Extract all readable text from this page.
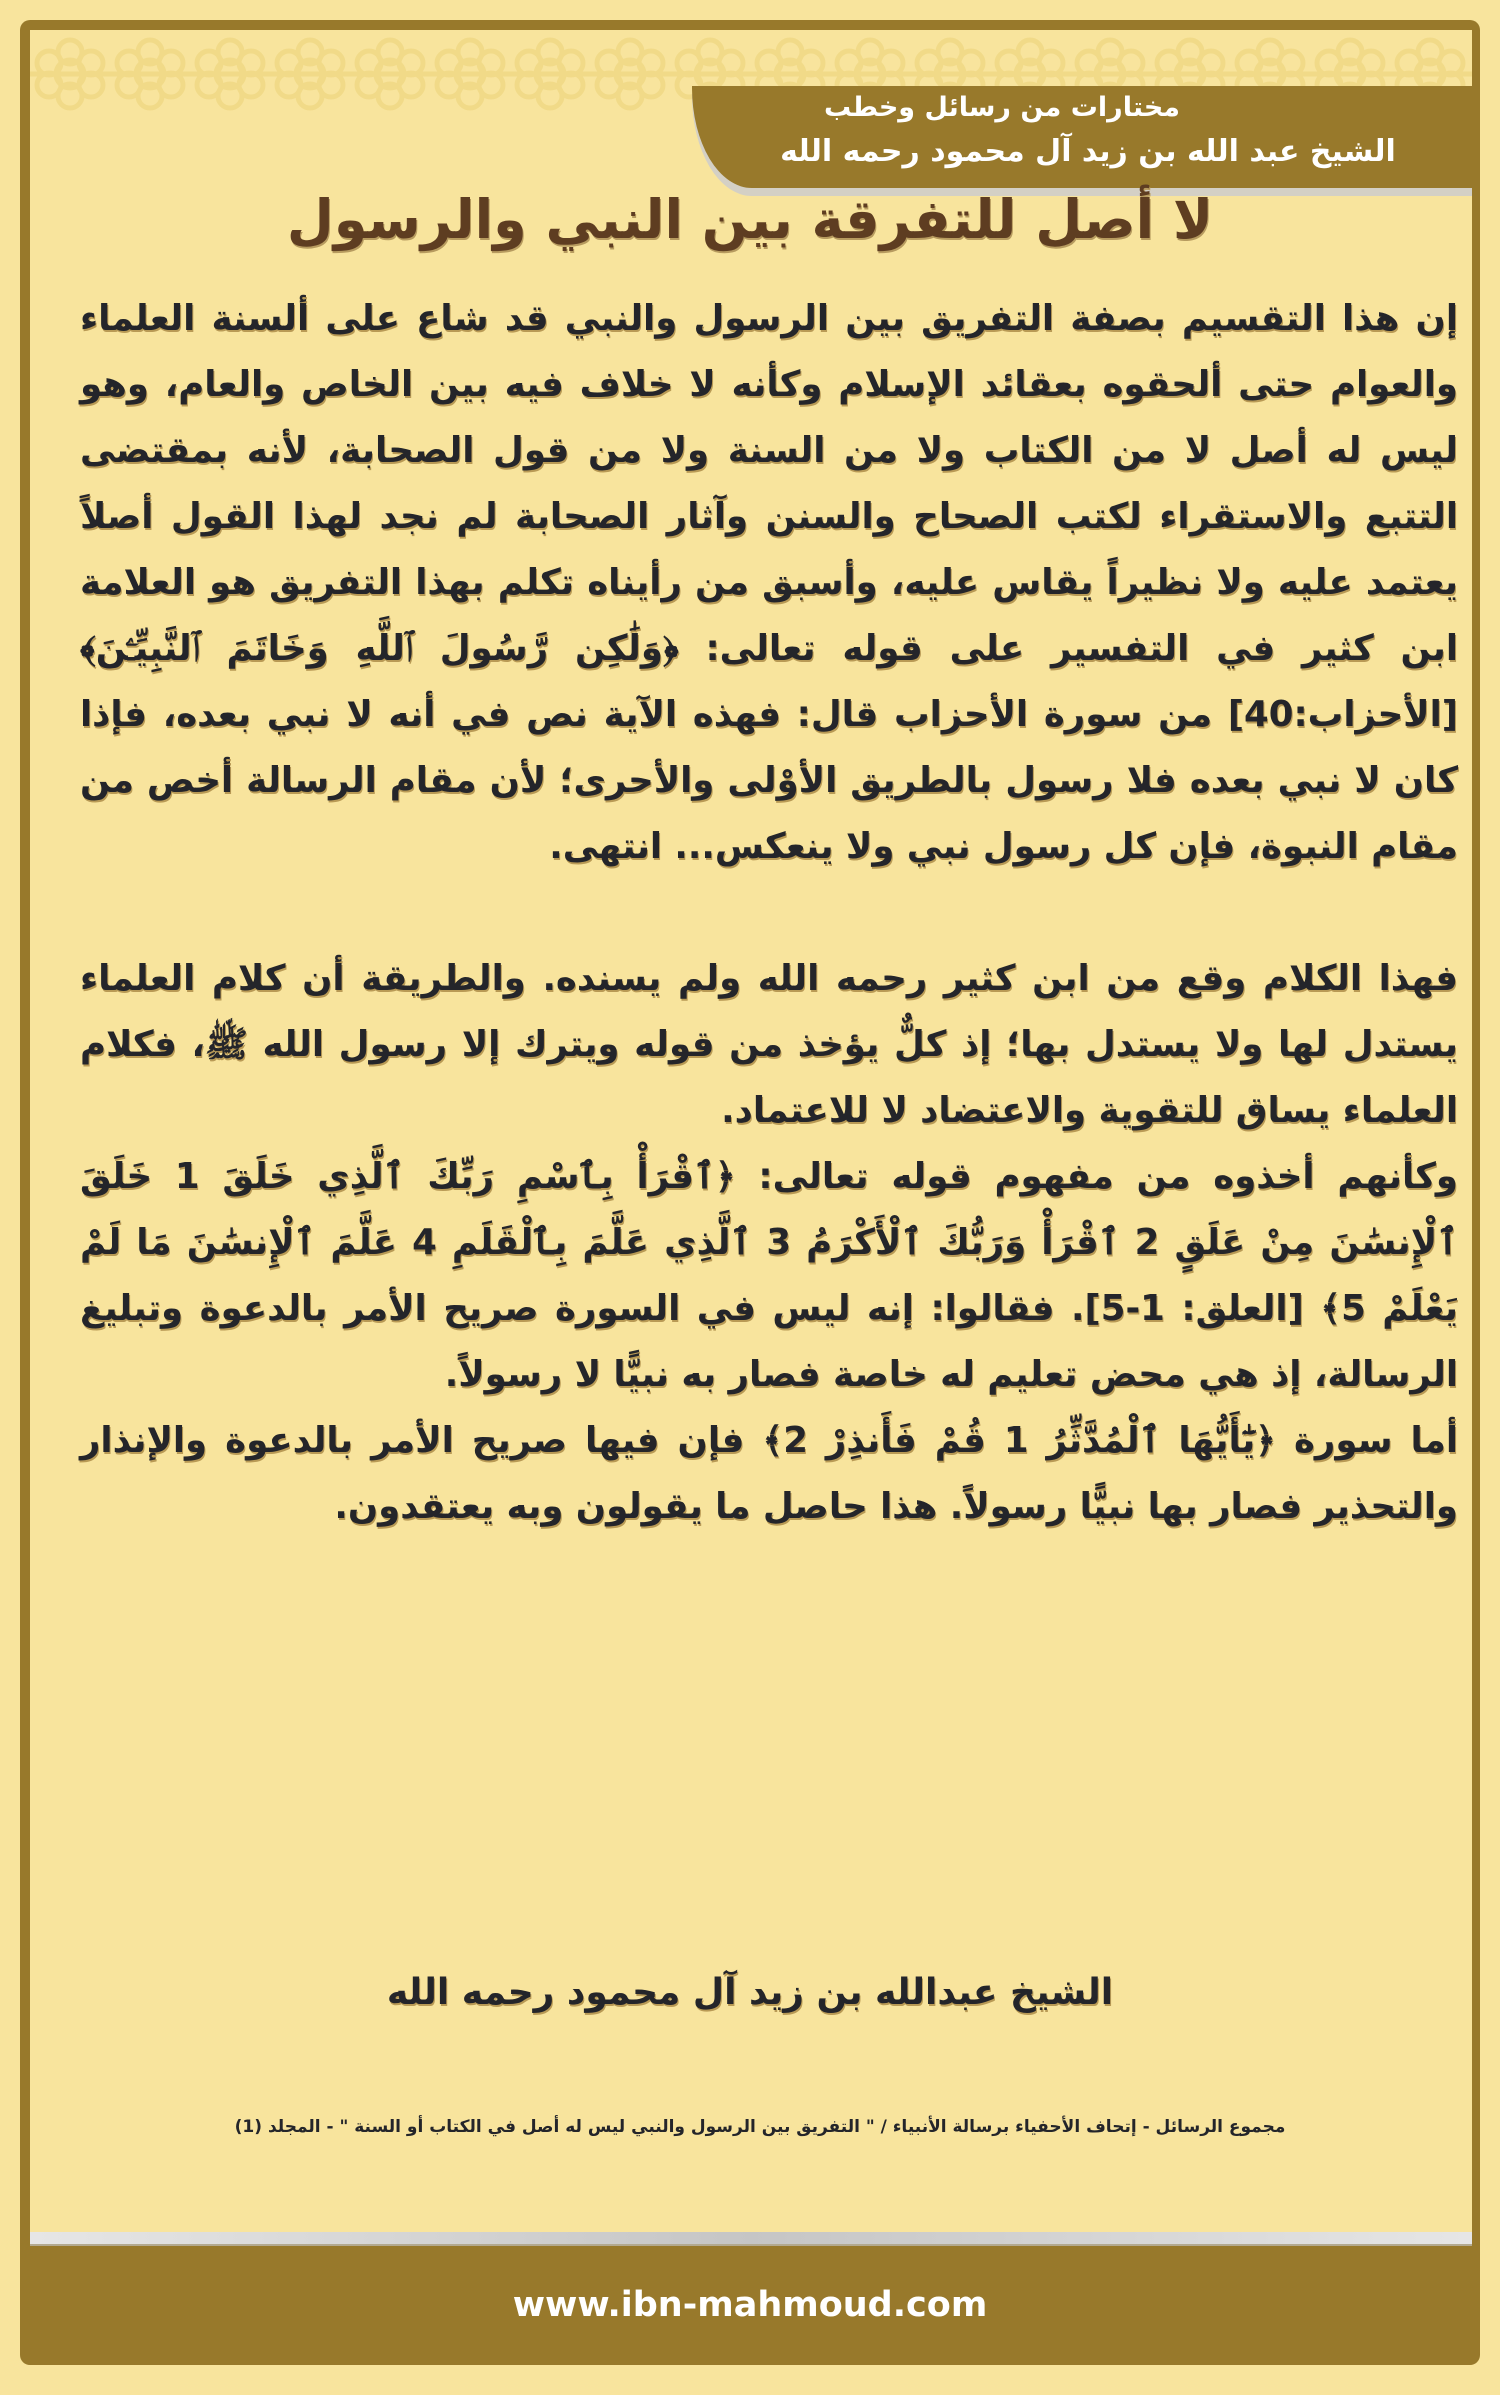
مختارات من رسائل وخطب
الشيخ عبد الله بن زيد آل محمود رحمه الله
لا أصل للتفرقة بين النبي والرسول

إن هذا التقسيم بصفة التفريق بين الرسول والنبي قد شاع على ألسنة العلماء والعوام حتى ألحقوه بعقائد الإسلام وكأنه لا خلاف فيه بين الخاص والعام، وهو ليس له أصل لا من الكتاب ولا من السنة ولا من قول الصحابة، لأنه بمقتضى التتبع والاستقراء لكتب الصحاح والسنن وآثار الصحابة لم نجد لهذا القول أصلاً يعتمد عليه ولا نظيراً يقاس عليه، وأسبق من رأيناه تكلم بهذا التفريق هو العلامة ابن كثير في التفسير على قوله تعالى: ﴿وَلَٰكِن رَّسُولَ ٱللَّهِ وَخَاتَمَ ٱلنَّبِيِّـۧنَ﴾ [الأحزاب:40] من سورة الأحزاب قال: فهذه الآية نص في أنه لا نبي بعده، فإذا كان لا نبي بعده فلا رسول بالطريق الأوْلى والأحرى؛ لأن مقام الرسالة أخص من مقام النبوة، فإن كل رسول نبي ولا ينعكس... انتهى.

فهذا الكلام وقع من ابن كثير رحمه الله ولم يسنده. والطريقة أن كلام العلماء يستدل لها ولا يستدل بها؛ إذ كلٌّ يؤخذ من قوله ويترك إلا رسول الله ﷺ، فكلام العلماء يساق للتقوية والاعتضاد لا للاعتماد.

وكأنهم أخذوه من مفهوم قوله تعالى: ﴿ٱقْرَأْ بِٱسْمِ رَبِّكَ ٱلَّذِي خَلَقَ 1 خَلَقَ ٱلْإِنسَٰنَ مِنْ عَلَقٍ 2 ٱقْرَأْ وَرَبُّكَ ٱلْأَكْرَمُ 3 ٱلَّذِي عَلَّمَ بِٱلْقَلَمِ 4 عَلَّمَ ٱلْإِنسَٰنَ مَا لَمْ يَعْلَمْ 5﴾ [العلق: 1-5]. فقالوا: إنه ليس في السورة صريح الأمر بالدعوة وتبليغ الرسالة، إذ هي محض تعليم له خاصة فصار به نبيًّا لا رسولاً.

أما سورة ﴿يَٰٓأَيُّهَا ٱلْمُدَّثِّرُ 1 قُمْ فَأَنذِرْ 2﴾ فإن فيها صريح الأمر بالدعوة والإنذار والتحذير فصار بها نبيًّا رسولاً. هذا حاصل ما يقولون وبه يعتقدون.

الشيخ عبدالله بن زيد آل محمود رحمه الله
مجموع الرسائل - إتحاف الأحفياء برسالة الأنبياء / " التفريق بين الرسول والنبي ليس له أصل في الكتاب أو السنة " - المجلد (1)
www.ibn-mahmoud.com
